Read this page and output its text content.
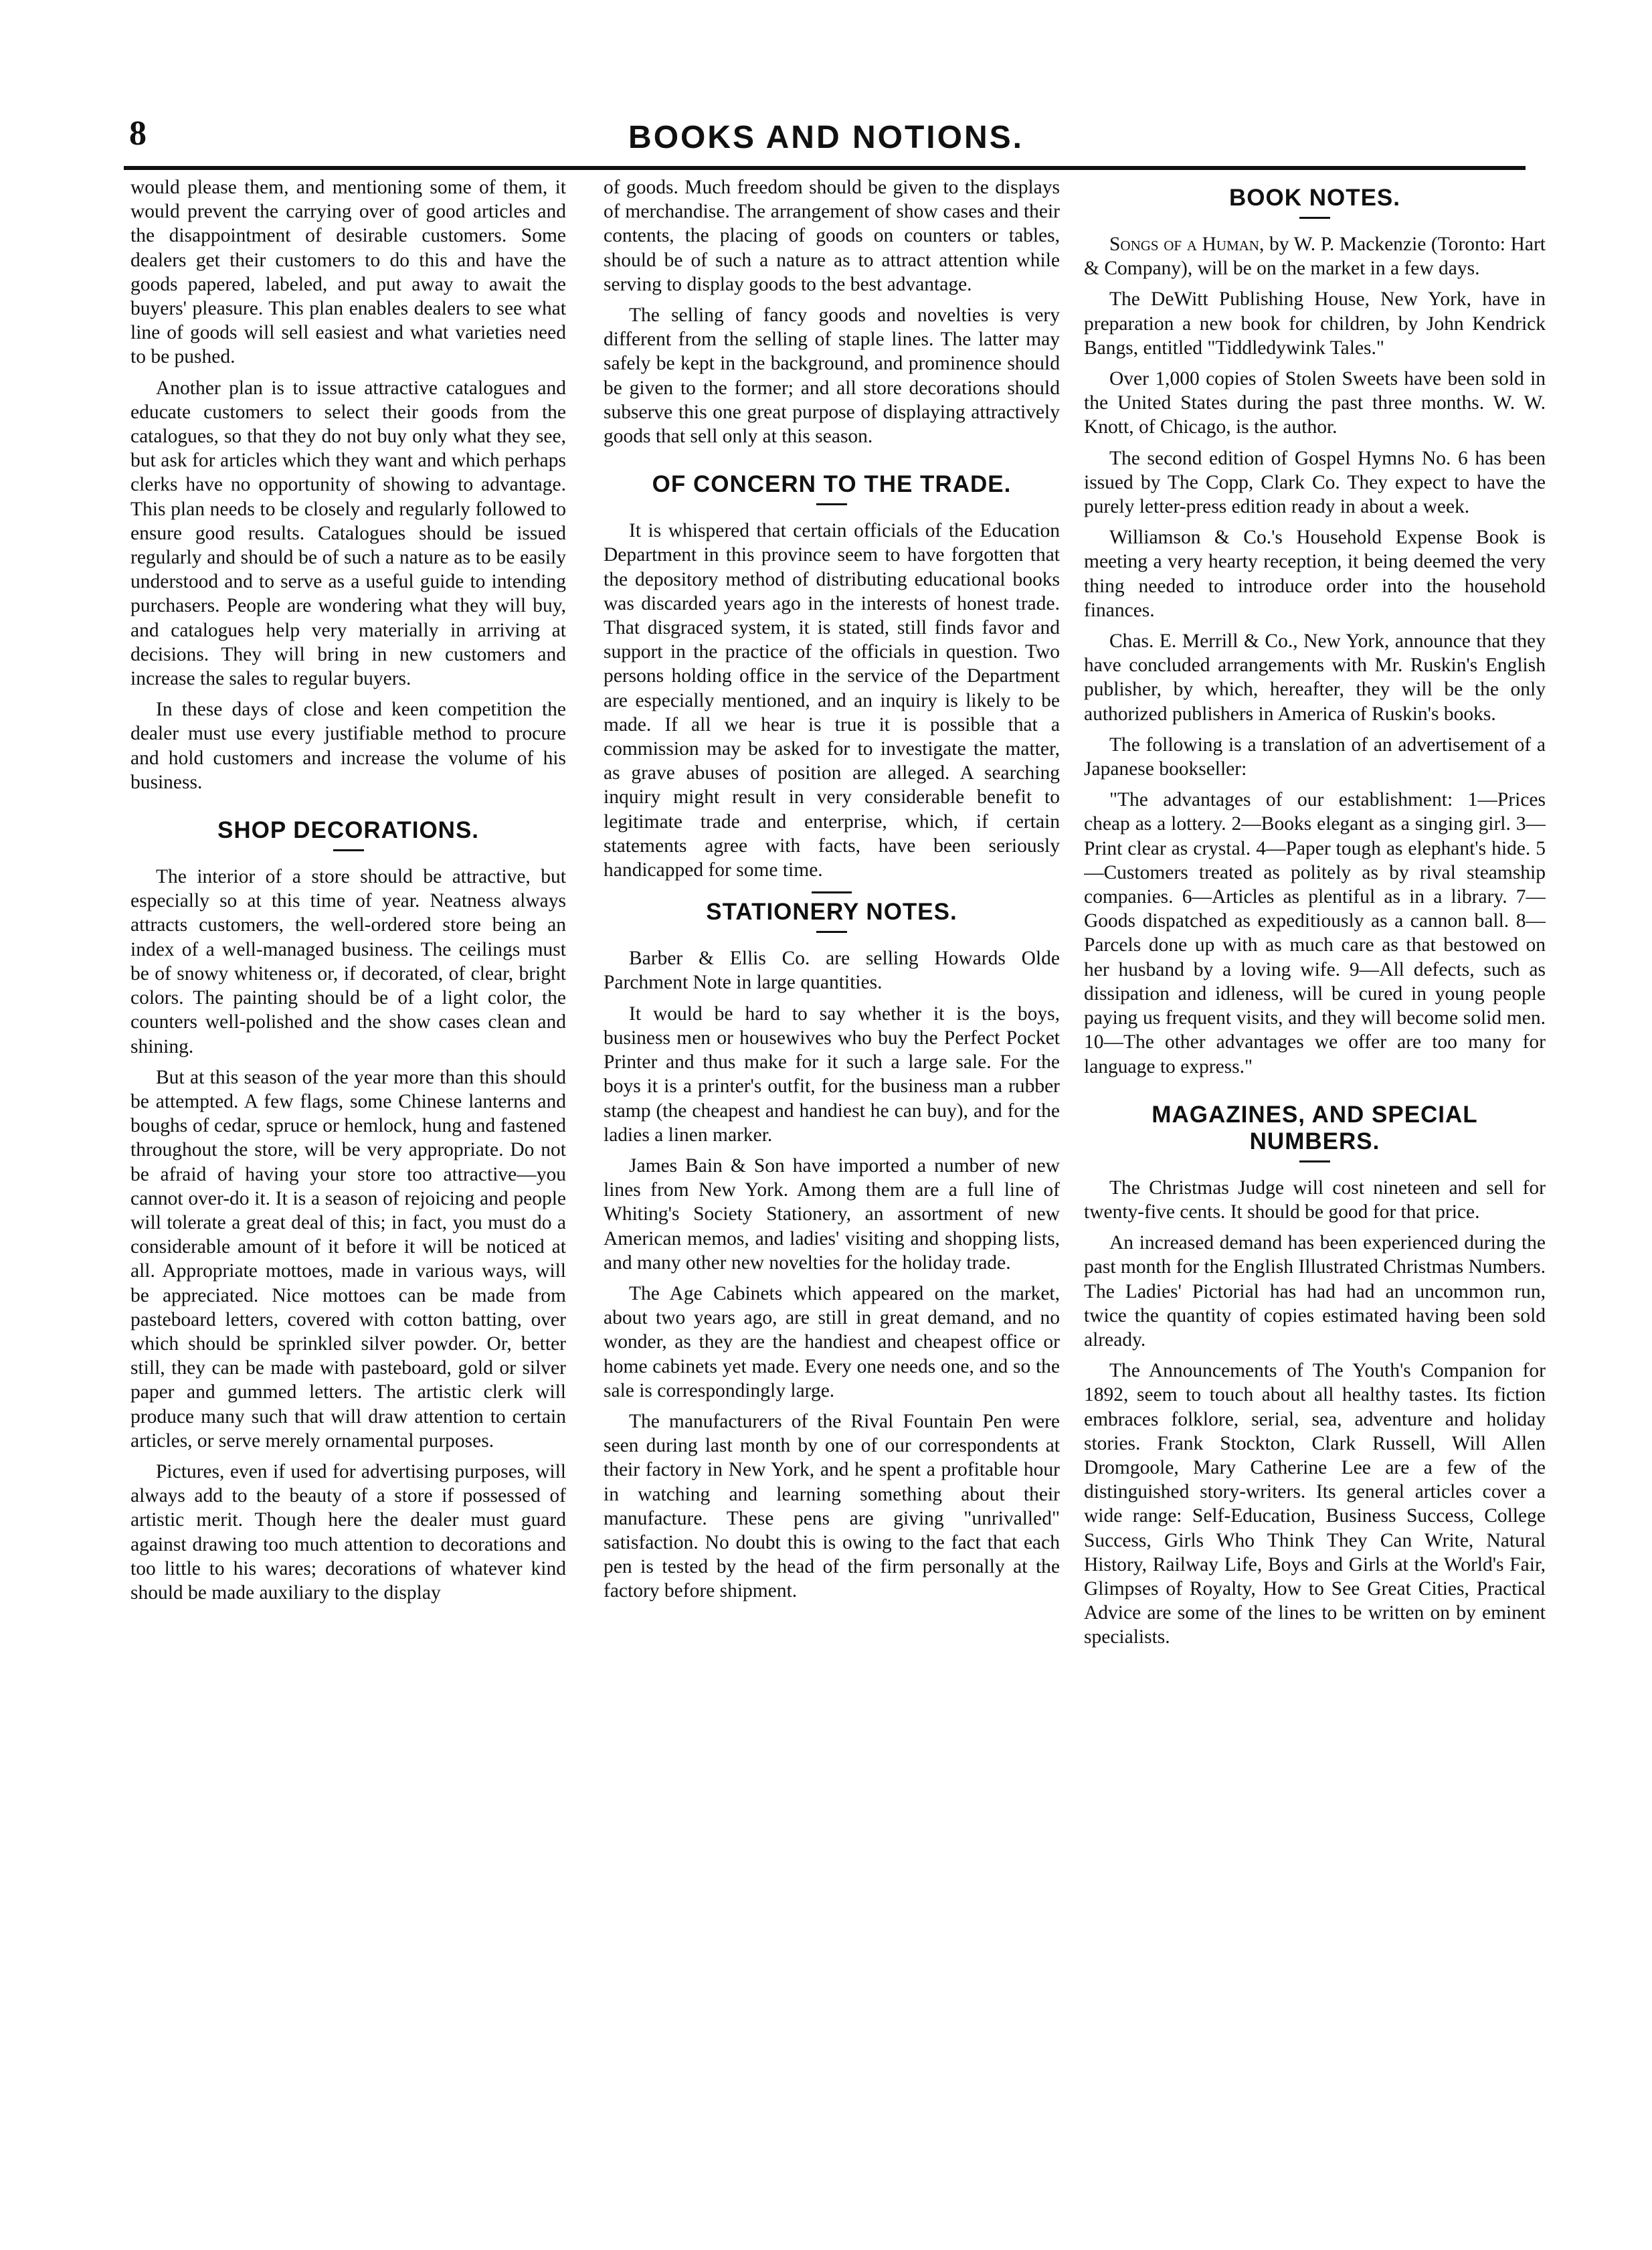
8	BOOKS AND NOTIONS.

would please them, and mentioning some of them, it would prevent the carrying over of good articles and the disappointment of desirable customers. Some dealers get their customers to do this and have the goods papered, labeled, and put away to await the buyers' pleasure. This plan enables dealers to see what line of goods will sell easiest and what varieties need to be pushed.

Another plan is to issue attractive catalogues and educate customers to select their goods from the catalogues, so that they do not buy only what they see, but ask for articles which they want and which perhaps clerks have no opportunity of showing to advantage. This plan needs to be closely and regularly followed to ensure good results. Catalogues should be issued regularly and should be of such a nature as to be easily understood and to serve as a useful guide to intending purchasers. People are wondering what they will buy, and catalogues help very materially in arriving at decisions. They will bring in new customers and increase the sales to regular buyers.

In these days of close and keen competition the dealer must use every justifiable method to procure and hold customers and increase the volume of his business.

SHOP DECORATIONS.

The interior of a store should be attractive, but especially so at this time of year. Neatness always attracts customers, the well-ordered store being an index of a well-managed business. The ceilings must be of snowy whiteness or, if decorated, of clear, bright colors. The painting should be of a light color, the counters well-polished and the show cases clean and shining.

But at this season of the year more than this should be attempted. A few flags, some Chinese lanterns and boughs of cedar, spruce or hemlock, hung and fastened throughout the store, will be very appropriate. Do not be afraid of having your store too attractive—you cannot over-do it. It is a season of rejoicing and people will tolerate a great deal of this; in fact, you must do a considerable amount of it before it will be noticed at all. Appropriate mottoes, made in various ways, will be appreciated. Nice mottoes can be made from pasteboard letters, covered with cotton batting, over which should be sprinkled silver powder. Or, better still, they can be made with pasteboard, gold or silver paper and gummed letters. The artistic clerk will produce many such that will draw attention to certain articles, or serve merely ornamental purposes.

Pictures, even if used for advertising purposes, will always add to the beauty of a store if possessed of artistic merit. Though here the dealer must guard against drawing too much attention to decorations and too little to his wares; decorations of whatever kind should be made auxiliary to the display

of goods. Much freedom should be given to the displays of merchandise. The arrangement of show cases and their contents, the placing of goods on counters or tables, should be of such a nature as to attract attention while serving to display goods to the best advantage.

The selling of fancy goods and novelties is very different from the selling of staple lines. The latter may safely be kept in the background, and prominence should be given to the former; and all store decorations should subserve this one great purpose of displaying attractively goods that sell only at this season.

OF CONCERN TO THE TRADE.

It is whispered that certain officials of the Education Department in this province seem to have forgotten that the depository method of distributing educational books was discarded years ago in the interests of honest trade. That disgraced system, it is stated, still finds favor and support in the practice of the officials in question. Two persons holding office in the service of the Department are especially mentioned, and an inquiry is likely to be made. If all we hear is true it is possible that a commission may be asked for to investigate the matter, as grave abuses of position are alleged. A searching inquiry might result in very considerable benefit to legitimate trade and enterprise, which, if certain statements agree with facts, have been seriously handicapped for some time.

STATIONERY NOTES.

Barber & Ellis Co. are selling Howards Olde Parchment Note in large quantities.

It would be hard to say whether it is the boys, business men or housewives who buy the Perfect Pocket Printer and thus make for it such a large sale. For the boys it is a printer's outfit, for the business man a rubber stamp (the cheapest and handiest he can buy), and for the ladies a linen marker.

James Bain & Son have imported a number of new lines from New York. Among them are a full line of Whiting's Society Stationery, an assortment of new American memos, and ladies' visiting and shopping lists, and many other new novelties for the holiday trade.

The Age Cabinets which appeared on the market, about two years ago, are still in great demand, and no wonder, as they are the handiest and cheapest office or home cabinets yet made. Every one needs one, and so the sale is correspondingly large.

The manufacturers of the Rival Fountain Pen were seen during last month by one of our correspondents at their factory in New York, and he spent a profitable hour in watching and learning something about their manufacture. These pens are giving "unrivalled" satisfaction. No doubt this is owing to the fact that each pen is tested by the head of the firm personally at the factory before shipment.

BOOK NOTES.

Songs of a Human, by W. P. Mackenzie (Toronto: Hart & Company), will be on the market in a few days.

The DeWitt Publishing House, New York, have in preparation a new book for children, by John Kendrick Bangs, entitled "Tiddledywink Tales."

Over 1,000 copies of Stolen Sweets have been sold in the United States during the past three months. W. W. Knott, of Chicago, is the author.

The second edition of Gospel Hymns No. 6 has been issued by The Copp, Clark Co. They expect to have the purely letter-press edition ready in about a week.

Williamson & Co.'s Household Expense Book is meeting a very hearty reception, it being deemed the very thing needed to introduce order into the household finances.

Chas. E. Merrill & Co., New York, announce that they have concluded arrangements with Mr. Ruskin's English publisher, by which, hereafter, they will be the only authorized publishers in America of Ruskin's books.

The following is a translation of an advertisement of a Japanese bookseller:

"The advantages of our establishment: 1—Prices cheap as a lottery. 2—Books elegant as a singing girl. 3—Print clear as crystal. 4—Paper tough as elephant's hide. 5—Customers treated as politely as by rival steamship companies. 6—Articles as plentiful as in a library. 7—Goods dispatched as expeditiously as a cannon ball. 8—Parcels done up with as much care as that bestowed on her husband by a loving wife. 9—All defects, such as dissipation and idleness, will be cured in young people paying us frequent visits, and they will become solid men. 10—The other advantages we offer are too many for language to express."

MAGAZINES, AND SPECIAL NUMBERS.

The Christmas Judge will cost nineteen and sell for twenty-five cents. It should be good for that price.

An increased demand has been experienced during the past month for the English Illustrated Christmas Numbers. The Ladies' Pictorial has had had an uncommon run, twice the quantity of copies estimated having been sold already.

The Announcements of The Youth's Companion for 1892, seem to touch about all healthy tastes. Its fiction embraces folklore, serial, sea, adventure and holiday stories. Frank Stockton, Clark Russell, Will Allen Dromgoole, Mary Catherine Lee are a few of the distinguished story-writers. Its general articles cover a wide range: Self-Education, Business Success, College Success, Girls Who Think They Can Write, Natural History, Railway Life, Boys and Girls at the World's Fair, Glimpses of Royalty, How to See Great Cities, Practical Advice are some of the lines to be written on by eminent specialists.
